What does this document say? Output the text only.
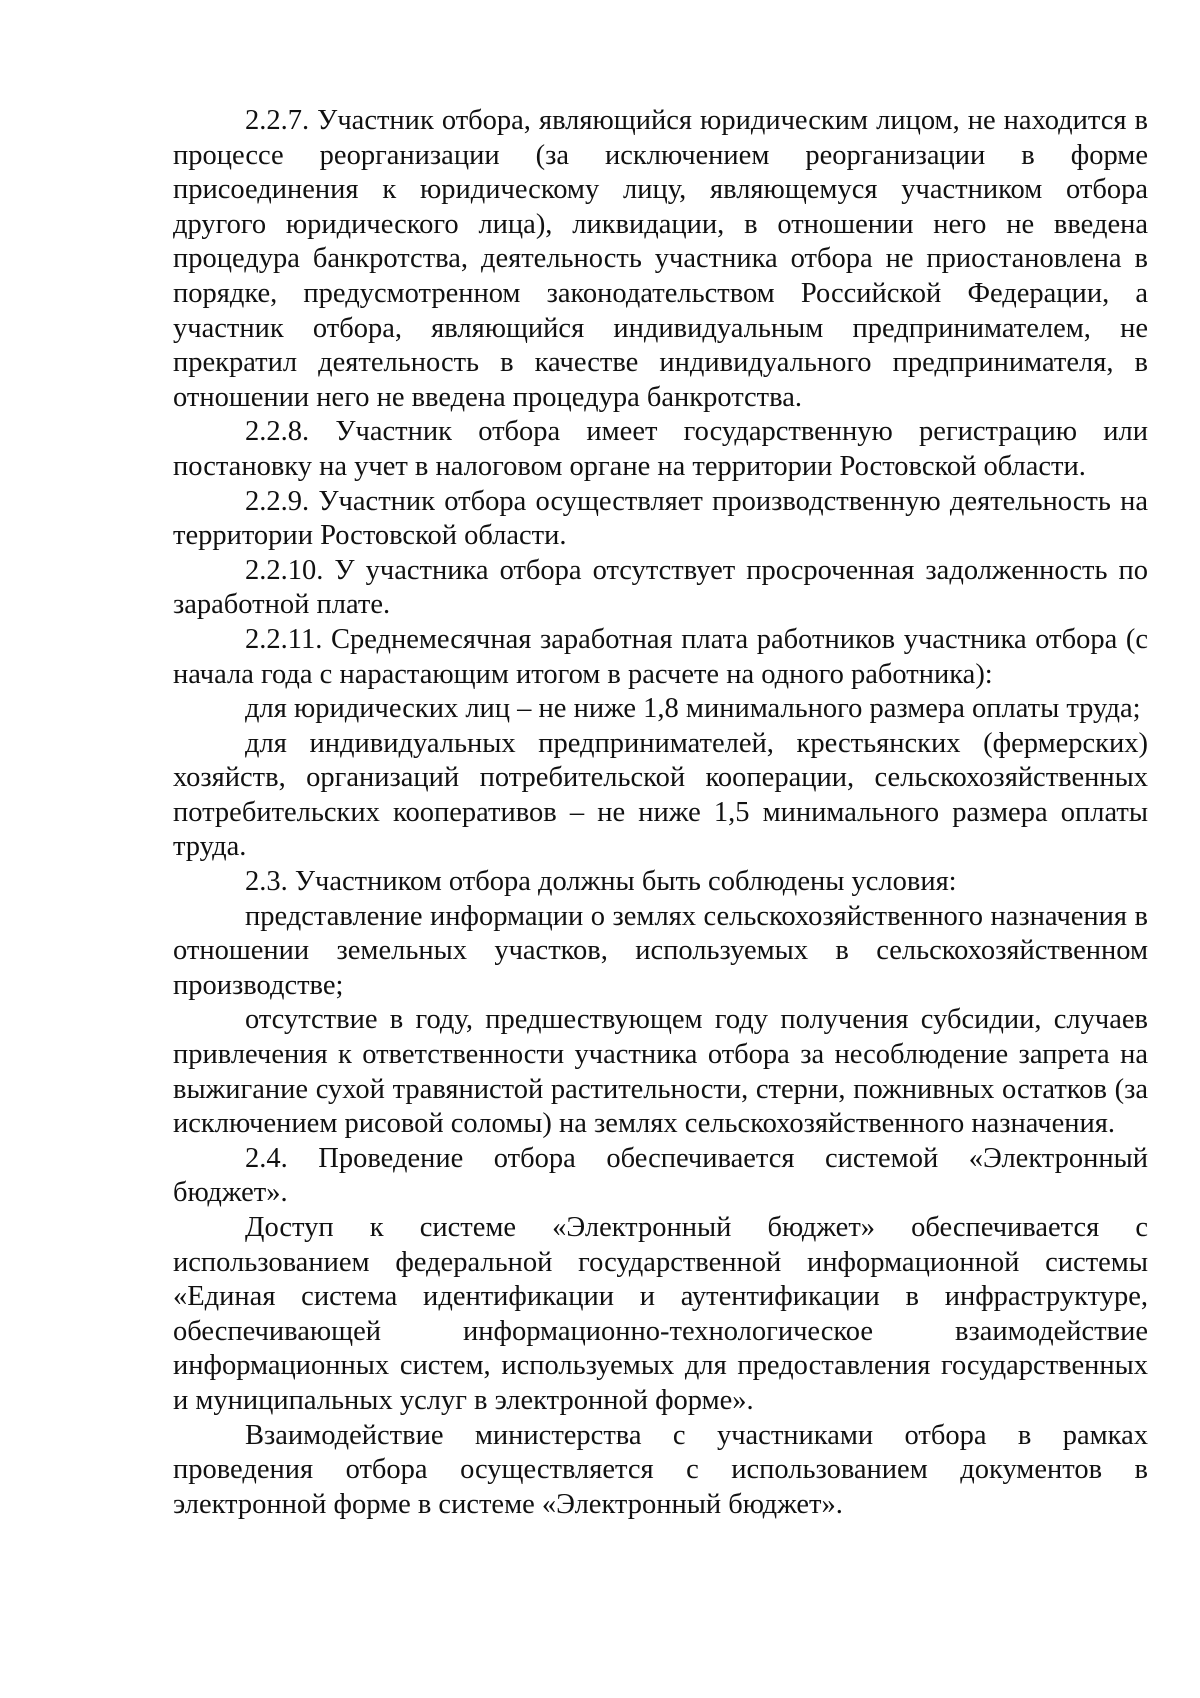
2.2.7. Участник отбора, являющийся юридическим лицом, не находится в процессе реорганизации (за исключением реорганизации в форме присоединения к юридическому лицу, являющемуся участником отбора другого юридического лица), ликвидации, в отношении него не введена процедура банкротства, деятельность участника отбора не приостановлена в порядке, предусмотренном законодательством Российской Федерации, а участник отбора, являющийся индивидуальным предпринимателем, не прекратил деятельность в качестве индивидуального предпринимателя, в отношении него не введена процедура банкротства.

2.2.8. Участник отбора имеет государственную регистрацию или постановку на учет в налоговом органе на территории Ростовской области.

2.2.9. Участник отбора осуществляет производственную деятельность на территории Ростовской области.

2.2.10. У участника отбора отсутствует просроченная задолженность по заработной плате.

2.2.11. Среднемесячная заработная плата работников участника отбора (с начала года с нарастающим итогом в расчете на одного работника):

для юридических лиц – не ниже 1,8 минимального размера оплаты труда;

для индивидуальных предпринимателей, крестьянских (фермерских) хозяйств, организаций потребительской кооперации, сельскохозяйственных потребительских кооперативов – не ниже 1,5 минимального размера оплаты труда.

2.3. Участником отбора должны быть соблюдены условия:

представление информации о землях сельскохозяйственного назначения в отношении земельных участков, используемых в сельскохозяйственном производстве;

отсутствие в году, предшествующем году получения субсидии, случаев привлечения к ответственности участника отбора за несоблюдение запрета на выжигание сухой травянистой растительности, стерни, пожнивных остатков (за исключением рисовой соломы) на землях сельскохозяйственного назначения.

2.4. Проведение отбора обеспечивается системой «Электронный бюджет».

Доступ к системе «Электронный бюджет» обеспечивается с использованием федеральной государственной информационной системы «Единая система идентификации и аутентификации в инфраструктуре, обеспечивающей информационно-технологическое взаимодействие информационных систем, используемых для предоставления государственных и муниципальных услуг в электронной форме».

Взаимодействие министерства с участниками отбора в рамках проведения отбора осуществляется с использованием документов в электронной форме в системе «Электронный бюджет».
